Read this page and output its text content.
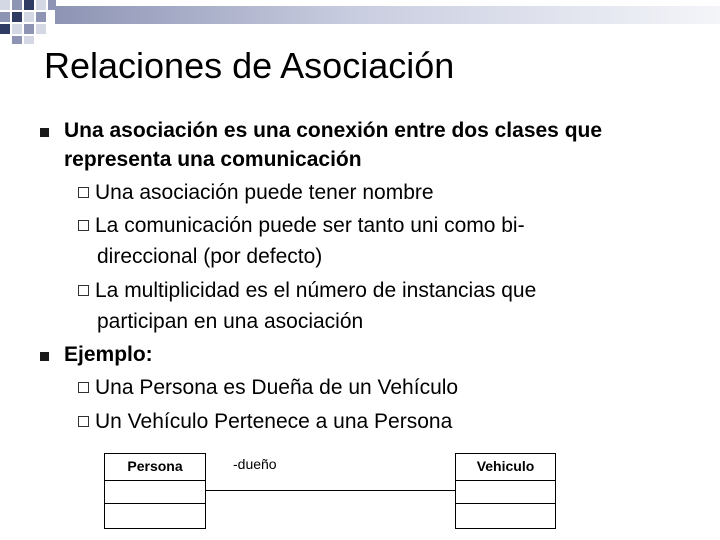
Relaciones de Asociación
Una asociación es una conexión entre dos clases que
representa una comunicación
Una asociación puede tener nombre
La comunicación puede ser tanto uni como bi-
direccional (por defecto)
La multiplicidad es el número de instancias que
participan en una asociación
Ejemplo:
Una Persona es Dueña de un Vehículo
Un Vehículo Pertenece a una Persona
Persona	-dueño	Vehiculo
